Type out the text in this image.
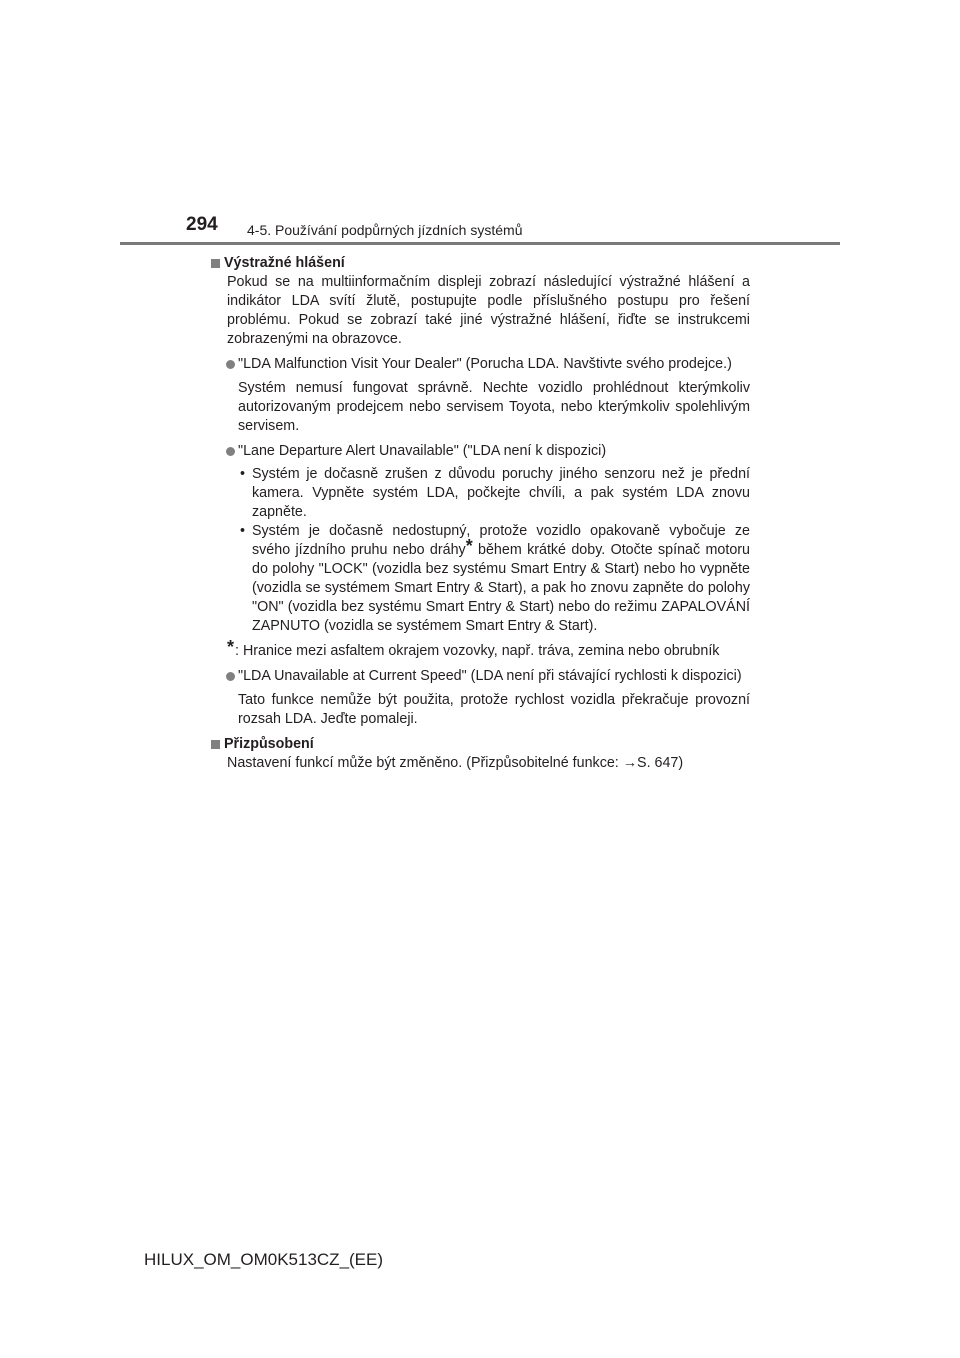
294 4-5. Používání podpůrných jízdních systémů
Výstražné hlášení
Pokud se na multiinformačním displeji zobrazí následující výstražné hlášení a indikátor LDA svítí žlutě, postupujte podle příslušného postupu pro řešení problému. Pokud se zobrazí také jiné výstražné hlášení, řiďte se instrukcemi zobrazenými na obrazovce.
"LDA Malfunction Visit Your Dealer" (Porucha LDA. Navštivte svého prodejce.)
Systém nemusí fungovat správně. Nechte vozidlo prohlédnout kterýmkoliv autorizovaným prodejcem nebo servisem Toyota, nebo kterýmkoliv spolehlivým servisem.
"Lane Departure Alert Unavailable" ("LDA není k dispozici)
• Systém je dočasně zrušen z důvodu poruchy jiného senzoru než je přední kamera. Vypněte systém LDA, počkejte chvíli, a pak systém LDA znovu zapněte.
• Systém je dočasně nedostupný, protože vozidlo opakovaně vybočuje ze svého jízdního pruhu nebo dráhy* během krátké doby. Otočte spínač motoru do polohy "LOCK" (vozidla bez systému Smart Entry & Start) nebo ho vypněte (vozidla se systémem Smart Entry & Start), a pak ho znovu zapněte do polohy "ON" (vozidla bez systému Smart Entry & Start) nebo do režimu ZAPALOVÁNÍ ZAPNUTO (vozidla se systémem Smart Entry & Start).
* : Hranice mezi asfaltem okrajem vozovky, např. tráva, zemina nebo obrubník
"LDA Unavailable at Current Speed" (LDA není při stávající rychlosti k dispozici)
Tato funkce nemůže být použita, protože rychlost vozidla překračuje provozní rozsah LDA. Jeďte pomaleji.
Přizpůsobení
Nastavení funkcí může být změněno. (Přizpůsobitelné funkce: →S. 647)
HILUX_OM_OM0K513CZ_(EE)
